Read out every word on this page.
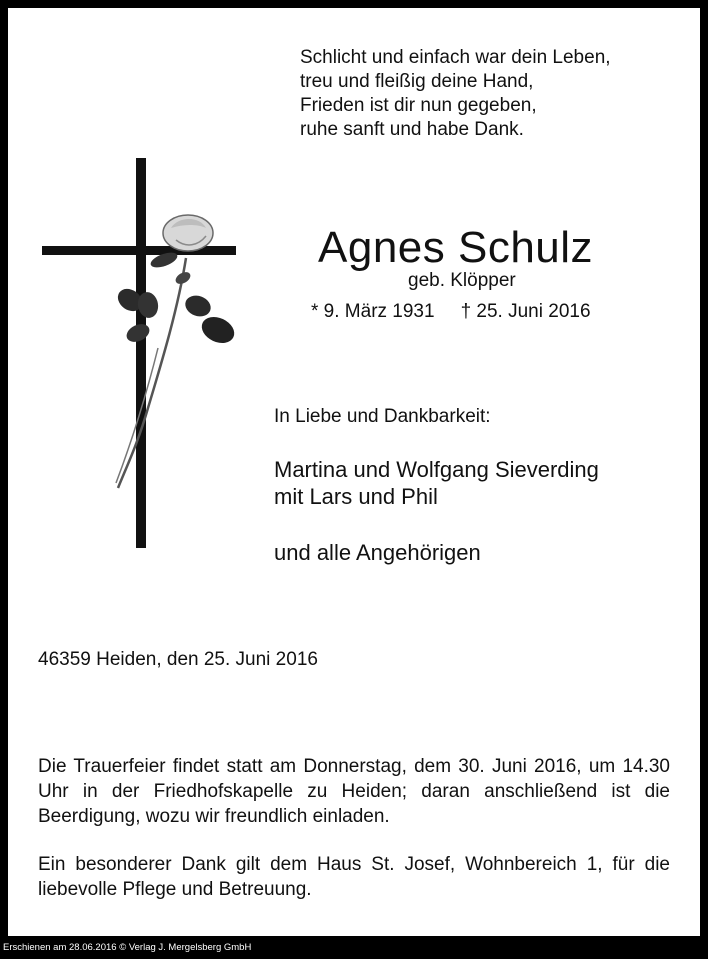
Schlicht und einfach war dein Leben,
treu und fleißig deine Hand,
Frieden ist dir nun gegeben,
ruhe sanft und habe Dank.
Agnes Schulz
geb. Klöpper
* 9. März 1931 † 25. Juni 2016
In Liebe und Dankbarkeit:
Martina und Wolfgang Sieverding
mit Lars und Phil
und alle Angehörigen
46359 Heiden, den 25. Juni 2016

Die Trauerfeier findet statt am Donnerstag, dem 30. Juni 2016, um 14.30 Uhr in der Friedhofskapelle zu Heiden; daran anschließend ist die Beerdigung, wozu wir freundlich einladen.

Ein besonderer Dank gilt dem Haus St. Josef, Wohnbereich 1, für die liebevolle Pflege und Betreuung.

Erschienen am 28.06.2016 © Verlag J. Mergelsberg GmbH
